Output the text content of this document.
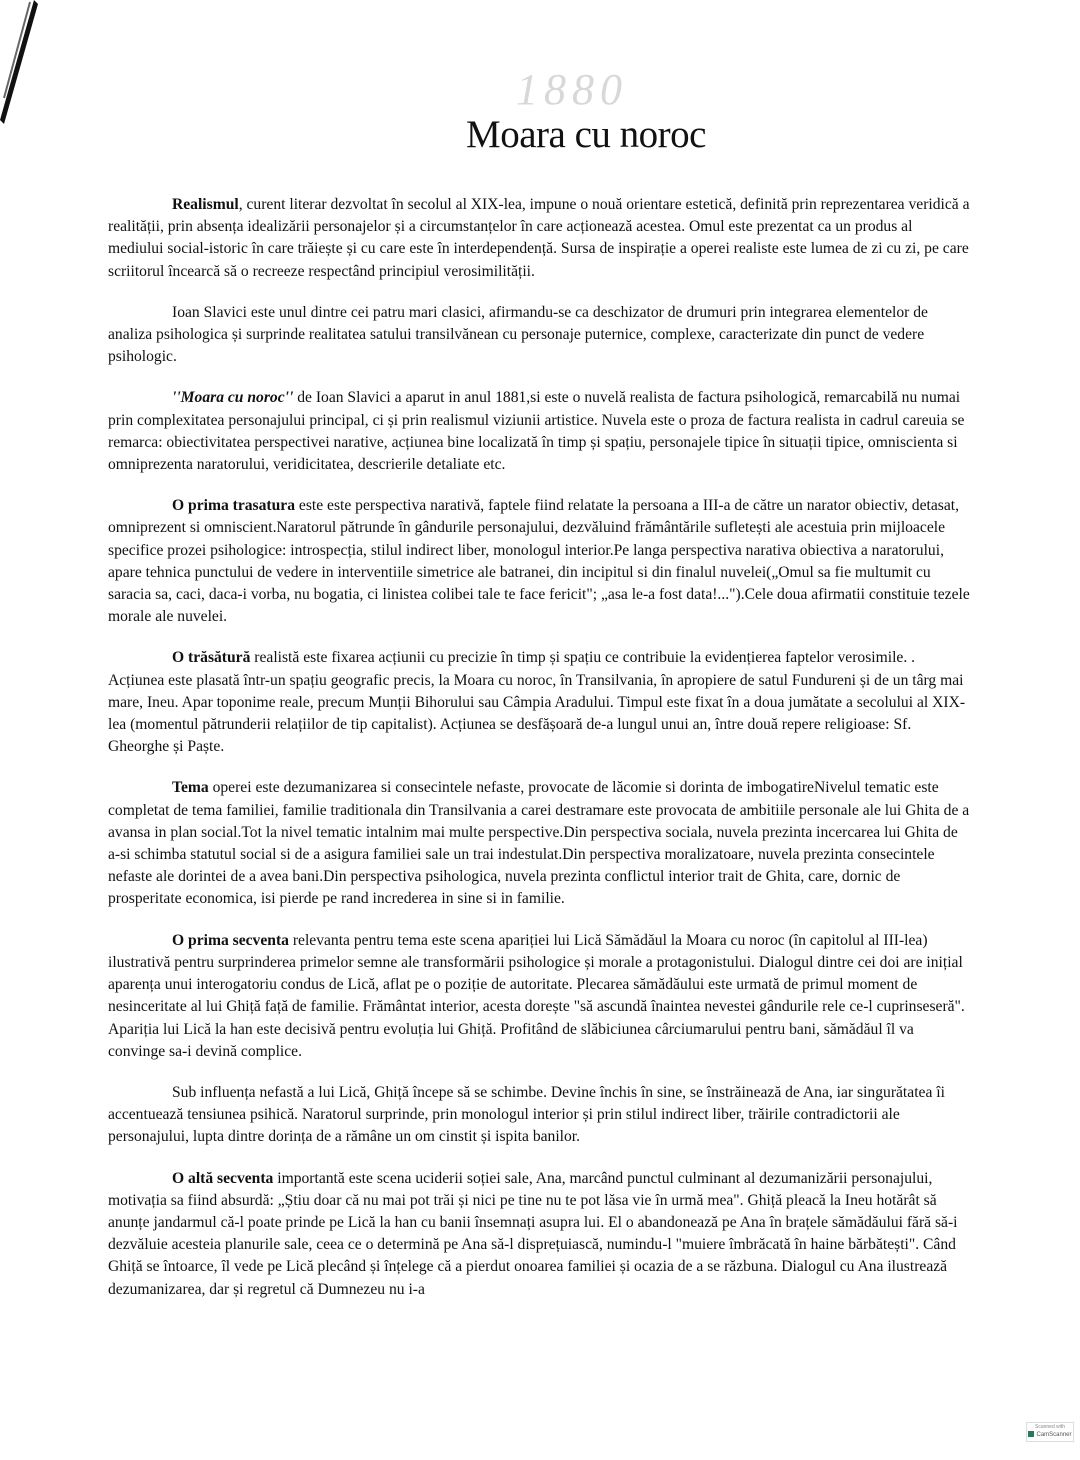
1880
Moara cu noroc

Realismul, curent literar dezvoltat în secolul al XIX-lea, impune o nouă orientare estetică, definită prin reprezentarea veridică a realității, prin absența idealizării personajelor și a circumstanțelor în care acționează acestea. Omul este prezentat ca un produs al mediului social-istoric în care trăiește și cu care este în interdependență. Sursa de inspirație a operei realiste este lumea de zi cu zi, pe care scriitorul încearcă să o recreeze respectând principiul verosimilității.

Ioan Slavici este unul dintre cei patru mari clasici, afirmandu-se ca deschizator de drumuri prin integrarea elementelor de analiza psihologica și surprinde realitatea satului transilvănean cu personaje puternice, complexe, caracterizate din punct de vedere psihologic.

''Moara cu noroc'' de Ioan Slavici a aparut in anul 1881,si este o nuvelă realista de factura psihologică, remarcabilă nu numai prin complexitatea personajului principal, ci și prin realismul viziunii artistice. Nuvela este o proza de factura realista in cadrul careuia se remarca: obiectivitatea perspectivei narative, acțiunea bine localizată în timp și spațiu, personajele tipice în situații tipice, omniscienta si omniprezenta naratorului, veridicitatea, descrierile detaliate etc.

O prima trasatura este este perspectiva narativă, faptele fiind relatate la persoana a III-a de către un narator obiectiv, detasat, omniprezent si omniscient.Naratorul pătrunde în gândurile personajului, dezvăluind frământările sufletești ale acestuia prin mijloacele specifice prozei psihologice: introspecția, stilul indirect liber, monologul interior.Pe langa perspectiva narativa obiectiva a naratorului, apare tehnica punctului de vedere in interventiile simetrice ale batranei, din incipitul si din finalul nuvelei(„Omul sa fie multumit cu saracia sa, caci, daca-i vorba, nu bogatia, ci linistea colibei tale te face fericit"; „asa le-a fost data!...").Cele doua afirmatii constituie tezele morale ale nuvelei.

O trăsătură realistă este fixarea acțiunii cu precizie în timp și spațiu ce contribuie la evidențierea faptelor verosimile. . Acțiunea este plasată într-un spațiu geografic precis, la Moara cu noroc, în Transilvania, în apropiere de satul Fundureni și de un târg mai mare, Ineu. Apar toponime reale, precum Munții Bihorului sau Câmpia Aradului. Timpul este fixat în a doua jumătate a secolului al XIX-lea (momentul pătrunderii relațiilor de tip capitalist). Acțiunea se desfășoară de-a lungul unui an, între două repere religioase: Sf. Gheorghe și Paște.

Tema operei este dezumanizarea si consecintele nefaste, provocate de lăcomie si dorinta de imbogatireNivelul tematic este completat de tema familiei, familie traditionala din Transilvania a carei destramare este provocata de ambitiile personale ale lui Ghita de a avansa in plan social.Tot la nivel tematic intalnim mai multe perspective.Din perspectiva sociala, nuvela prezinta incercarea lui Ghita de a-si schimba statutul social si de a asigura familiei sale un trai indestulat.Din perspectiva moralizatoare, nuvela prezinta consecintele nefaste ale dorintei de a avea bani.Din perspectiva psihologica, nuvela prezinta conflictul interior trait de Ghita, care, dornic de prosperitate economica, isi pierde pe rand increderea in sine si in familie.

O prima secventa relevanta pentru tema este scena apariției lui Lică Sămădăul la Moara cu noroc (în capitolul al III-lea) ilustrativă pentru surprinderea primelor semne ale transformării psihologice și morale a protagonistului. Dialogul dintre cei doi are inițial aparența unui interogatoriu condus de Lică, aflat pe o poziție de autoritate. Plecarea sămădăului este urmată de primul moment de nesinceritate al lui Ghiță față de familie. Frământat interior, acesta dorește "să ascundă înaintea nevestei gândurile rele ce-l cuprinseseră". Apariția lui Lică la han este decisivă pentru evoluția lui Ghiță. Profitând de slăbiciunea cârciumarului pentru bani, sămădăul îl va convinge sa-i devină complice.

Sub influența nefastă a lui Lică, Ghiță începe să se schimbe. Devine închis în sine, se înstrăinează de Ana, iar singurătatea îi accentuează tensiunea psihică. Naratorul surprinde, prin monologul interior și prin stilul indirect liber, trăirile contradictorii ale personajului, lupta dintre dorința de a rămâne un om cinstit și ispita banilor.

O altă secventa importantă este scena uciderii soției sale, Ana, marcând punctul culminant al dezumanizării personajului, motivația sa fiind absurdă: „Știu doar că nu mai pot trăi și nici pe tine nu te pot lăsa vie în urmă mea". Ghiță pleacă la Ineu hotărât să anunțe jandarmul că-l poate prinde pe Lică la han cu banii însemnați asupra lui. El o abandonează pe Ana în brațele sămădăului fără să-i dezvăluie acesteia planurile sale, ceea ce o determină pe Ana să-l disprețuiască, numindu-l "muiere îmbrăcată în haine bărbătești". Când Ghiță se întoarce, îl vede pe Lică plecând și înțelege că a pierdut onoarea familiei și ocazia de a se răzbuna. Dialogul cu Ana ilustrează dezumanizarea, dar și regretul că Dumnezeu nu i-a

Scanned with
CamScanner
